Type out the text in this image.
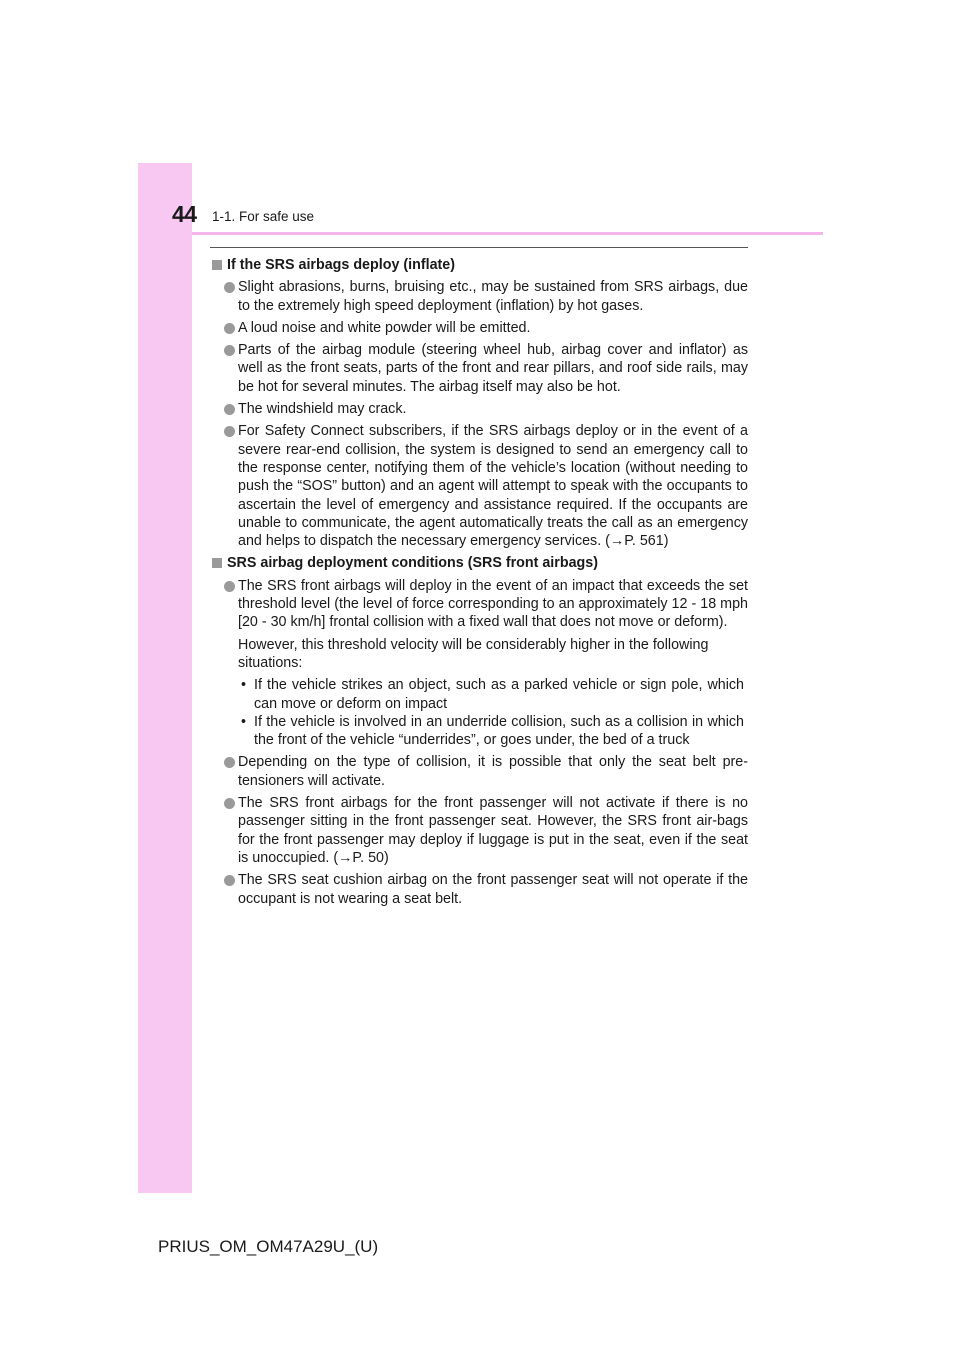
44 1-1. For safe use
If the SRS airbags deploy (inflate)
Slight abrasions, burns, bruising etc., may be sustained from SRS airbags, due to the extremely high speed deployment (inflation) by hot gases.
A loud noise and white powder will be emitted.
Parts of the airbag module (steering wheel hub, airbag cover and inflator) as well as the front seats, parts of the front and rear pillars, and roof side rails, may be hot for several minutes. The airbag itself may also be hot.
The windshield may crack.
For Safety Connect subscribers, if the SRS airbags deploy or in the event of a severe rear-end collision, the system is designed to send an emergency call to the response center, notifying them of the vehicle’s location (without needing to push the “SOS” button) and an agent will attempt to speak with the occupants to ascertain the level of emergency and assistance required. If the occupants are unable to communicate, the agent automatically treats the call as an emergency and helps to dispatch the necessary emergency services. (→P. 561)
SRS airbag deployment conditions (SRS front airbags)
The SRS front airbags will deploy in the event of an impact that exceeds the set threshold level (the level of force corresponding to an approximately 12 - 18 mph [20 - 30 km/h] frontal collision with a fixed wall that does not move or deform).
However, this threshold velocity will be considerably higher in the following situations:
• If the vehicle strikes an object, such as a parked vehicle or sign pole, which can move or deform on impact
• If the vehicle is involved in an underride collision, such as a collision in which the front of the vehicle “underrides”, or goes under, the bed of a truck
Depending on the type of collision, it is possible that only the seat belt pre-tensioners will activate.
The SRS front airbags for the front passenger will not activate if there is no passenger sitting in the front passenger seat. However, the SRS front air-bags for the front passenger may deploy if luggage is put in the seat, even if the seat is unoccupied. (→P. 50)
The SRS seat cushion airbag on the front passenger seat will not operate if the occupant is not wearing a seat belt.
PRIUS_OM_OM47A29U_(U)
